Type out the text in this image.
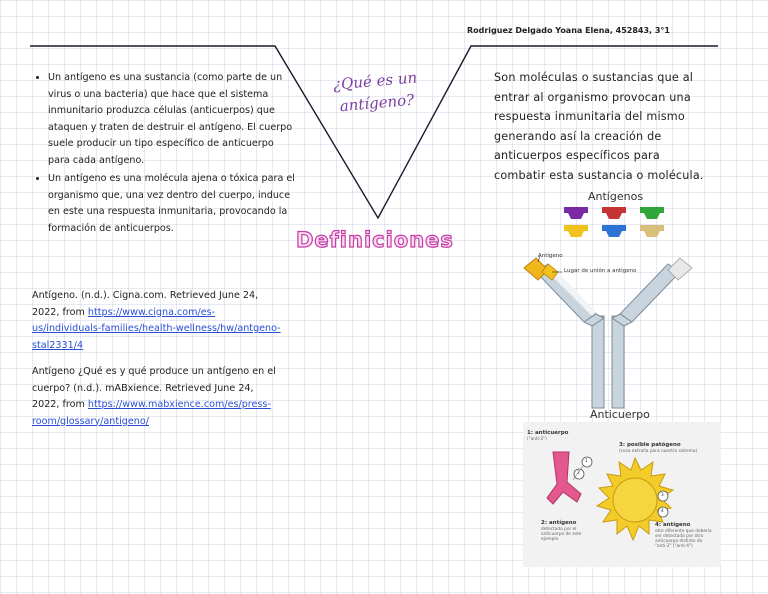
Rodriguez Delgado Yoana Elena, 452843, 3°1
¿Qué es un antígeno?
Definiciones
• Un antígeno es una sustancia (como parte de un virus o una bacteria) que hace que el sistema inmunitario produzca células (anticuerpos) que ataquen y traten de destruir el antígeno. El cuerpo suele producir un tipo específico de anticuerpo para cada antígeno.
• Un antígeno es una molécula ajena o tóxica para el organismo que, una vez dentro del cuerpo, induce en este una respuesta inmunitaria, provocando la formación de anticuerpos.
Antígeno. (n.d.). Cigna.com. Retrieved June 24, 2022, from https://www.cigna.com/es-us/individuals-families/health-wellness/hw/antgeno-stal2331/4
Antígeno ¿Qué es y qué produce un antígeno en el cuerpo? (n.d.). mABxience. Retrieved June 24, 2022, from https://www.mabxience.com/es/press-room/glossary/antigeno/
Son moléculas o sustancias que al entrar al organismo provocan una respuesta inmunitaria del mismo generando así la creación de anticuerpos específicos para combatir esta sustancia o molécula.
Antígenos
Antígeno
Lugar de unión a antígeno
Anticuerpo
1: anticuerpo
("anti-2")
3: posible patógeno
(cosa extraña para nuestro sistema)
2: antígeno
detectado por el anticuerpo de este ejemplo
4: antígeno
otro diferente que debería ser detectado por otro anticuerpo distinto de "anti-2" ("anti-4")
1
2
3
4
